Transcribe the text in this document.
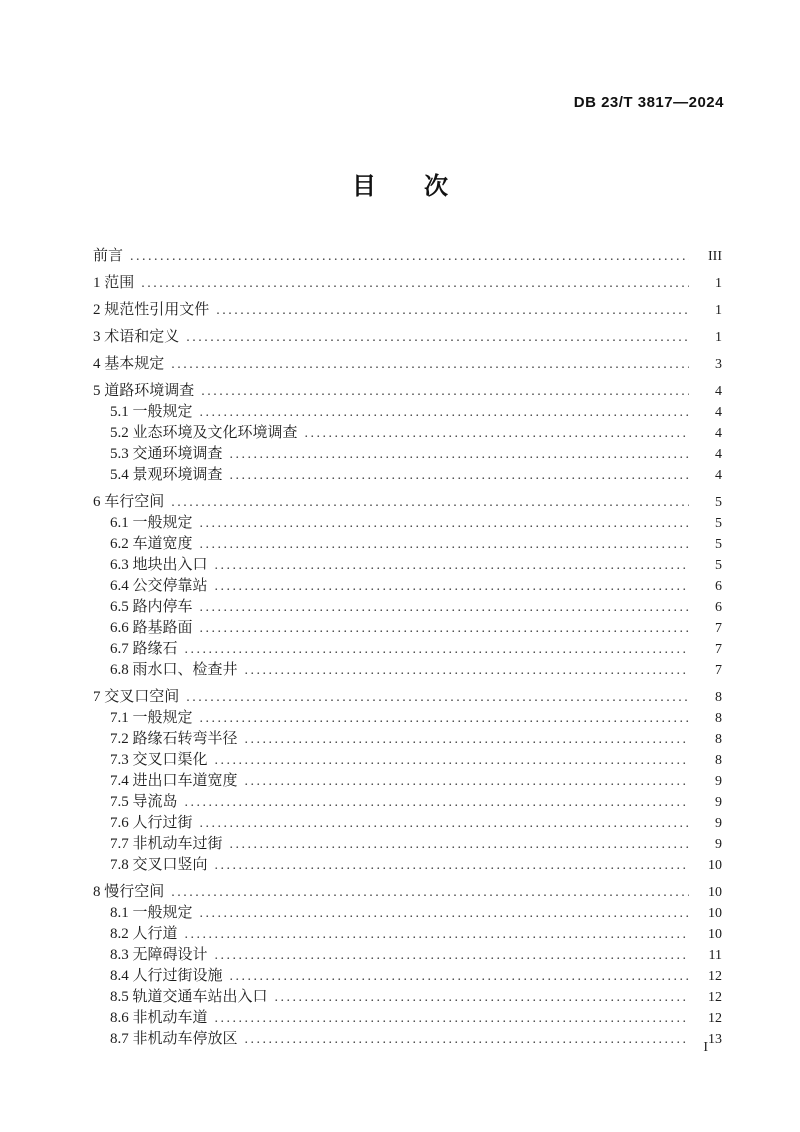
DB 23/T 3817—2024
目　　次
前言 .....	III
1 范围 .....	1
2 规范性引用文件 .....	1
3 术语和定义 .....	1
4 基本规定 .....	3
5 道路环境调查 .....	4
5.1 一般规定 .....	4
5.2 业态环境及文化环境调查 .....	4
5.3 交通环境调查 .....	4
5.4 景观环境调查 .....	4
6 车行空间 .....	5
6.1 一般规定 .....	5
6.2 车道宽度 .....	5
6.3 地块出入口 .....	5
6.4 公交停靠站 .....	6
6.5 路内停车 .....	6
6.6 路基路面 .....	7
6.7 路缘石 .....	7
6.8 雨水口、检查井 .....	7
7 交叉口空间 .....	8
7.1 一般规定 .....	8
7.2 路缘石转弯半径 .....	8
7.3 交叉口渠化 .....	8
7.4 进出口车道宽度 .....	9
7.5 导流岛 .....	9
7.6 人行过街 .....	9
7.7 非机动车过街 .....	9
7.8 交叉口竖向 .....	10
8 慢行空间 .....	10
8.1 一般规定 .....	10
8.2 人行道 .....	10
8.3 无障碍设计 .....	11
8.4 人行过街设施 .....	12
8.5 轨道交通车站出入口 .....	12
8.6 非机动车道 .....	12
8.7 非机动车停放区 .....	13
I
